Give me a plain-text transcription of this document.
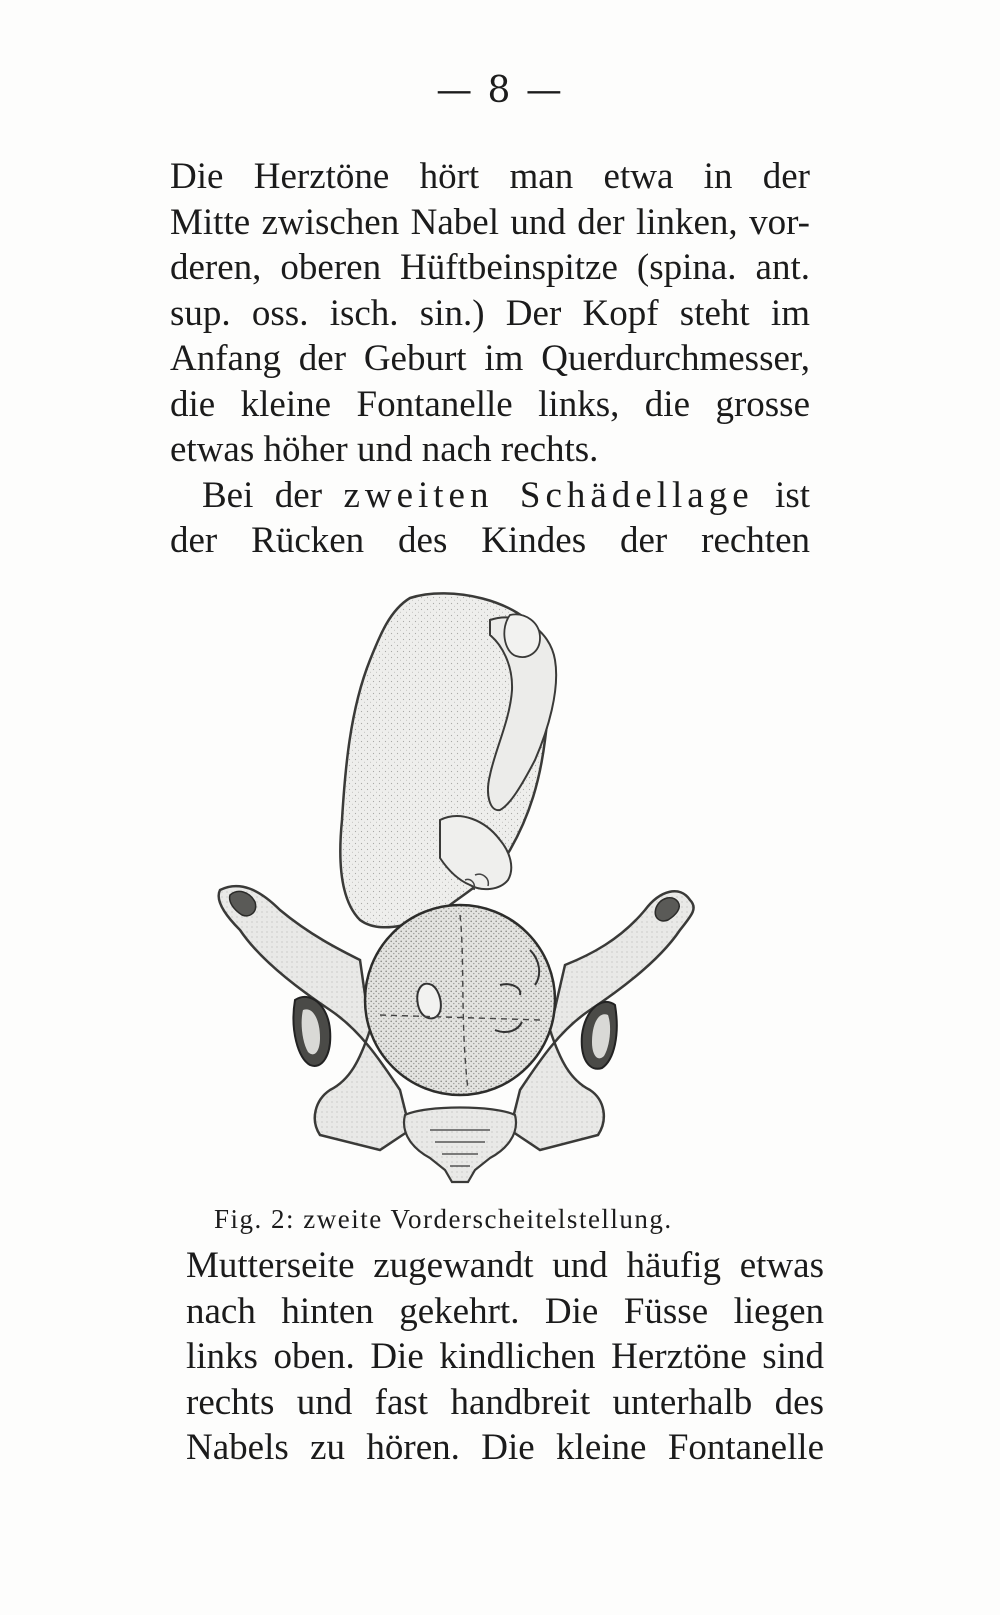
— 8 —
Die Herztöne hört man etwa in der
Mitte zwischen Nabel und der linken, vor-
deren, oberen Hüftbeinspitze (spina. ant.
sup. oss. isch. sin.) Der Kopf steht im
Anfang der Geburt im Querdurchmesser,
die kleine Fontanelle links, die grosse
etwas höher und nach rechts.
Bei der zweiten Schädellage ist
der Rücken des Kindes der rechten
Fig. 2: zweite Vorderscheitelstellung.
Mutterseite zugewandt und häufig etwas
nach hinten gekehrt. Die Füsse liegen
links oben. Die kindlichen Herztöne sind
rechts und fast handbreit unterhalb des
Nabels zu hören. Die kleine Fontanelle
